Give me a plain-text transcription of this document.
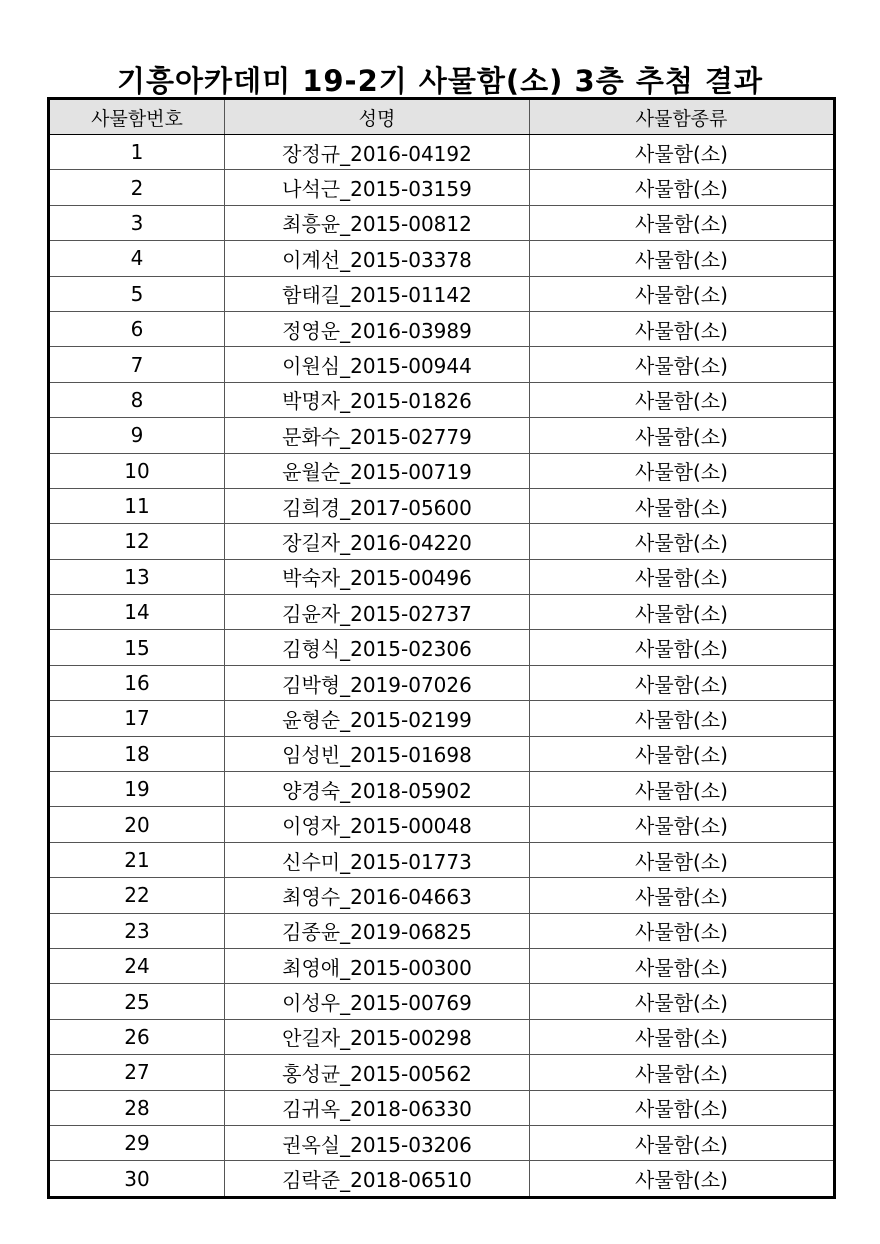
기흥아카데미 19-2기 사물함(소) 3층 추첨 결과
사물함번호	성명	사물함종류
1	장정규_2016-04192	사물함(소)
2	나석근_2015-03159	사물함(소)
3	최흥윤_2015-00812	사물함(소)
4	이계선_2015-03378	사물함(소)
5	함태길_2015-01142	사물함(소)
6	정영운_2016-03989	사물함(소)
7	이원심_2015-00944	사물함(소)
8	박명자_2015-01826	사물함(소)
9	문화수_2015-02779	사물함(소)
10	윤월순_2015-00719	사물함(소)
11	김희경_2017-05600	사물함(소)
12	장길자_2016-04220	사물함(소)
13	박숙자_2015-00496	사물함(소)
14	김윤자_2015-02737	사물함(소)
15	김형식_2015-02306	사물함(소)
16	김박형_2019-07026	사물함(소)
17	윤형순_2015-02199	사물함(소)
18	임성빈_2015-01698	사물함(소)
19	양경숙_2018-05902	사물함(소)
20	이영자_2015-00048	사물함(소)
21	신수미_2015-01773	사물함(소)
22	최영수_2016-04663	사물함(소)
23	김종윤_2019-06825	사물함(소)
24	최영애_2015-00300	사물함(소)
25	이성우_2015-00769	사물함(소)
26	안길자_2015-00298	사물함(소)
27	홍성균_2015-00562	사물함(소)
28	김귀옥_2018-06330	사물함(소)
29	권옥실_2015-03206	사물함(소)
30	김락준_2018-06510	사물함(소)
